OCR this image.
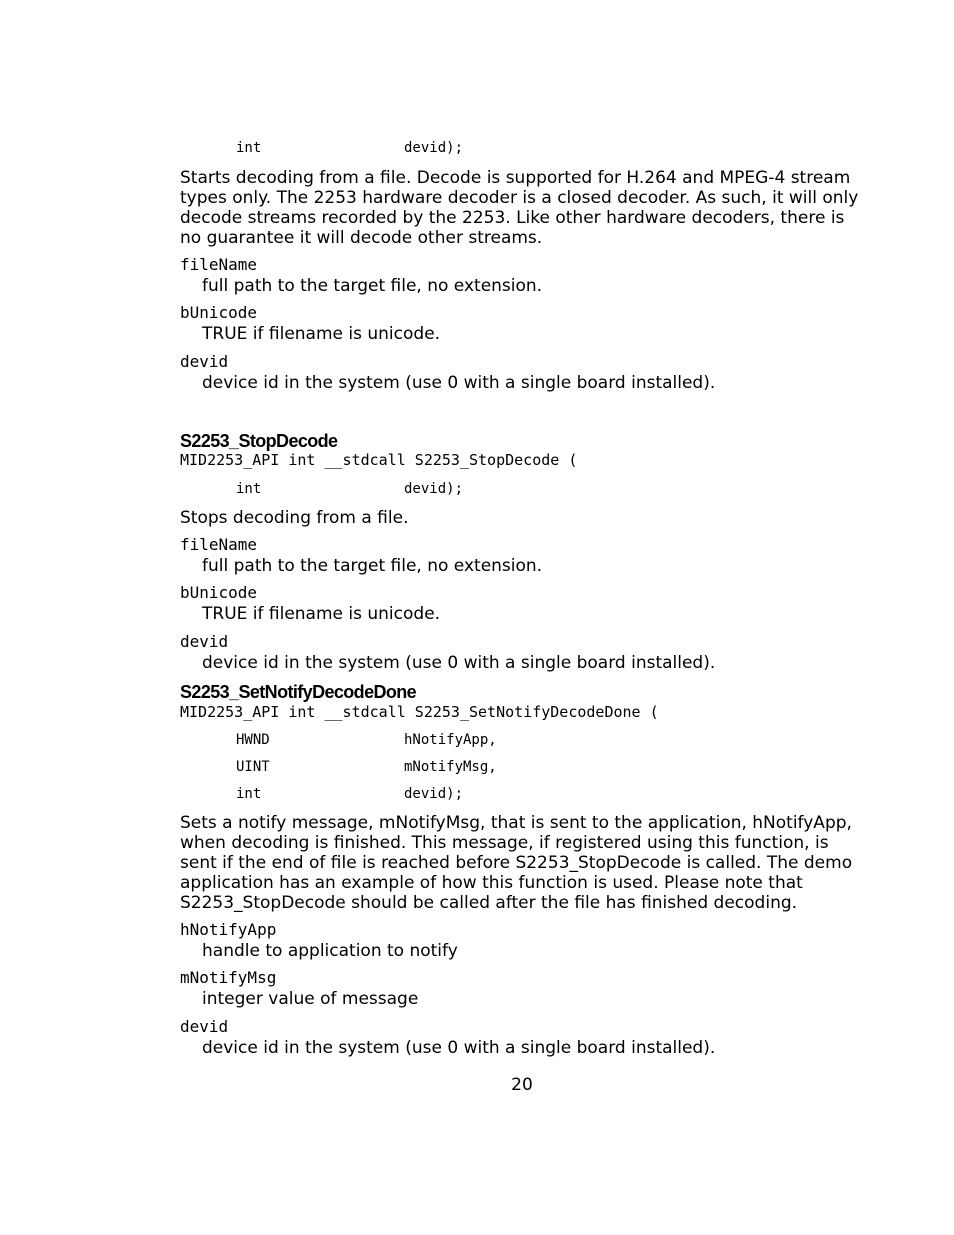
int	devid);
Starts decoding from a file. Decode is supported for H.264 and MPEG-4 stream types only. The 2253 hardware decoder is a closed decoder. As such, it will only decode streams recorded by the 2253. Like other hardware decoders, there is no guarantee it will decode other streams.
fileName
full path to the target file, no extension.
bUnicode
TRUE if filename is unicode.
devid
device id in the system (use 0 with a single board installed).
S2253_StopDecode
MID2253_API int __stdcall S2253_StopDecode (
int	devid);
Stops decoding from a file.
fileName
full path to the target file, no extension.
bUnicode
TRUE if filename is unicode.
devid
device id in the system (use 0 with a single board installed).
S2253_SetNotifyDecodeDone
MID2253_API int __stdcall S2253_SetNotifyDecodeDone (
HWND	hNotifyApp,
UINT	mNotifyMsg,
int	devid);
Sets a notify message, mNotifyMsg, that is sent to the application, hNotifyApp, when decoding is finished. This message, if registered using this function, is sent if the end of file is reached before S2253_StopDecode is called. The demo application has an example of how this function is used. Please note that S2253_StopDecode should be called after the file has finished decoding.
hNotifyApp
handle to application to notify
mNotifyMsg
integer value of message
devid
device id in the system (use 0 with a single board installed).
20
